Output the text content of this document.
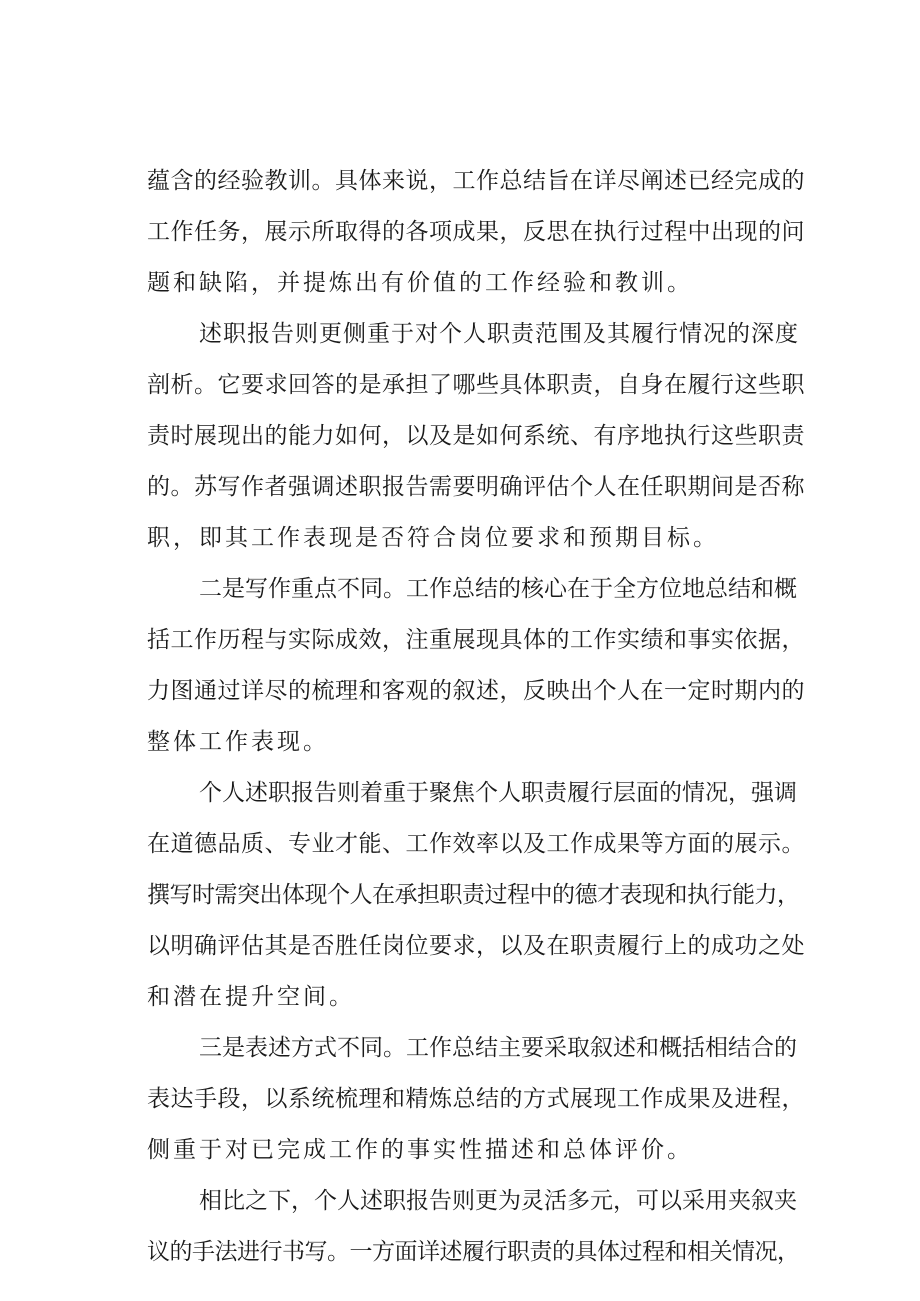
蕴含的经验教训。具体来说，工作总结旨在详尽阐述已经完成的
工作任务，展示所取得的各项成果，反思在执行过程中出现的问
题和缺陷，并提炼出有价值的工作经验和教训。
述职报告则更侧重于对个人职责范围及其履行情况的深度
剖析。它要求回答的是承担了哪些具体职责，自身在履行这些职
责时展现出的能力如何，以及是如何系统、有序地执行这些职责
的。苏写作者强调述职报告需要明确评估个人在任职期间是否称
职，即其工作表现是否符合岗位要求和预期目标。
二是写作重点不同。工作总结的核心在于全方位地总结和概
括工作历程与实际成效，注重展现具体的工作实绩和事实依据，
力图通过详尽的梳理和客观的叙述，反映出个人在一定时期内的
整体工作表现。
个人述职报告则着重于聚焦个人职责履行层面的情况，强调
在道德品质、专业才能、工作效率以及工作成果等方面的展示。
撰写时需突出体现个人在承担职责过程中的德才表现和执行能力，
以明确评估其是否胜任岗位要求，以及在职责履行上的成功之处
和潜在提升空间。
三是表述方式不同。工作总结主要采取叙述和概括相结合的
表达手段，以系统梳理和精炼总结的方式展现工作成果及进程，
侧重于对已完成工作的事实性描述和总体评价。
相比之下，个人述职报告则更为灵活多元，可以采用夹叙夹
议的手法进行书写。一方面详述履行职责的具体过程和相关情况，
